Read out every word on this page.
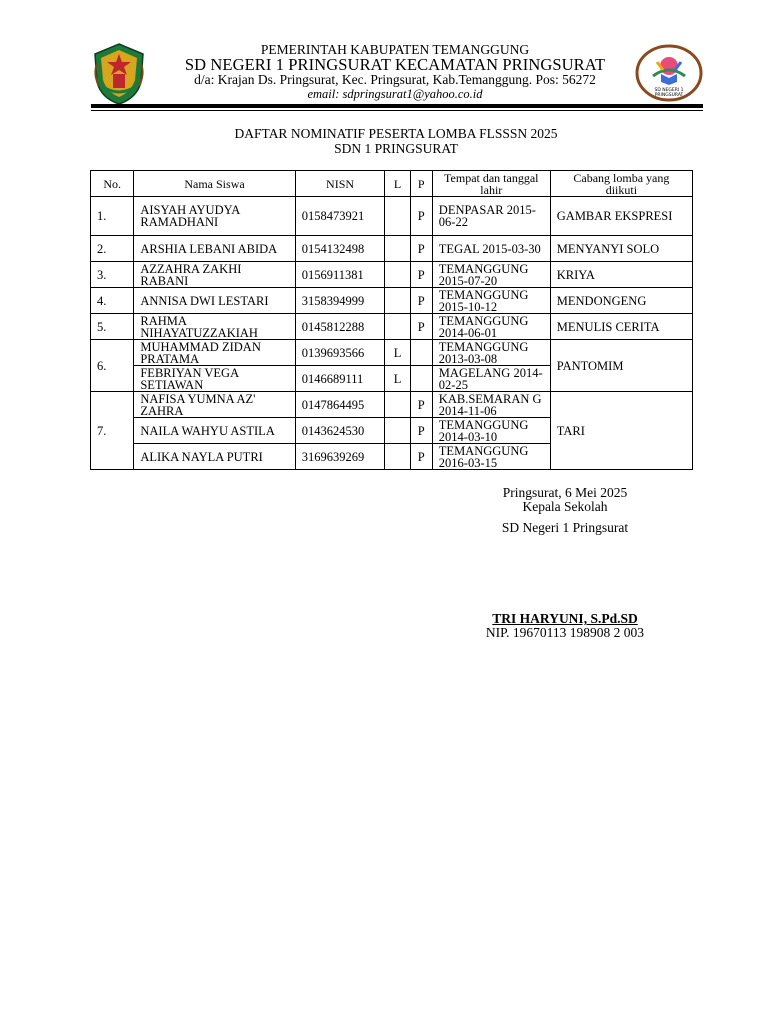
SD NEGERI 1
PRINGSURAT
PEMERINTAH KABUPATEN TEMANGGUNG
SD NEGERI 1 PRINGSURAT KECAMATAN PRINGSURAT
d/a: Krajan Ds. Pringsurat, Kec. Pringsurat, Kab.Temanggung. Pos: 56272
email: sdpringsurat1@yahoo.co.id
DAFTAR NOMINATIF PESERTA LOMBA FLSSSN 2025
SDN 1 PRINGSURAT
No.	Nama Siswa	NISN	L	P	Tempat dan tanggal lahir	Cabang lomba yang diikuti
1.	AISYAH AYUDYA RAMADHANI	0158473921		P	DENPASAR 2015-06-22	GAMBAR EKSPRESI
2.	ARSHIA LEBANI ABIDA	0154132498		P	TEGAL 2015-03-30	MENYANYI SOLO
3.	AZZAHRA ZAKHI RABANI	0156911381		P	TEMANGGUNG 2015-07-20	KRIYA
4.	ANNISA DWI LESTARI	3158394999		P	TEMANGGUNG 2015-10-12	MENDONGENG
5.	RAHMA NIHAYATUZZAKIAH	0145812288		P	TEMANGGUNG 2014-06-01	MENULIS CERITA
6.	MUHAMMAD ZIDAN PRATAMA	0139693566	L		TEMANGGUNG 2013-03-08	PANTOMIM
	FEBRIYAN VEGA SETIAWAN	0146689111	L		MAGELANG 2014-02-25	
7.	NAFISA YUMNA AZ' ZAHRA	0147864495		P	KAB.SEMARAN G 2014-11-06	TARI
	NAILA WAHYU ASTILA	0143624530		P	TEMANGGUNG 2014-03-10	
	ALIKA NAYLA PUTRI	3169639269		P	TEMANGGUNG 2016-03-15	
Pringsurat, 6 Mei 2025
Kepala Sekolah
SD Negeri 1 Pringsurat
TRI HARYUNI, S.Pd.SD
NIP. 19670113 198908 2 003
